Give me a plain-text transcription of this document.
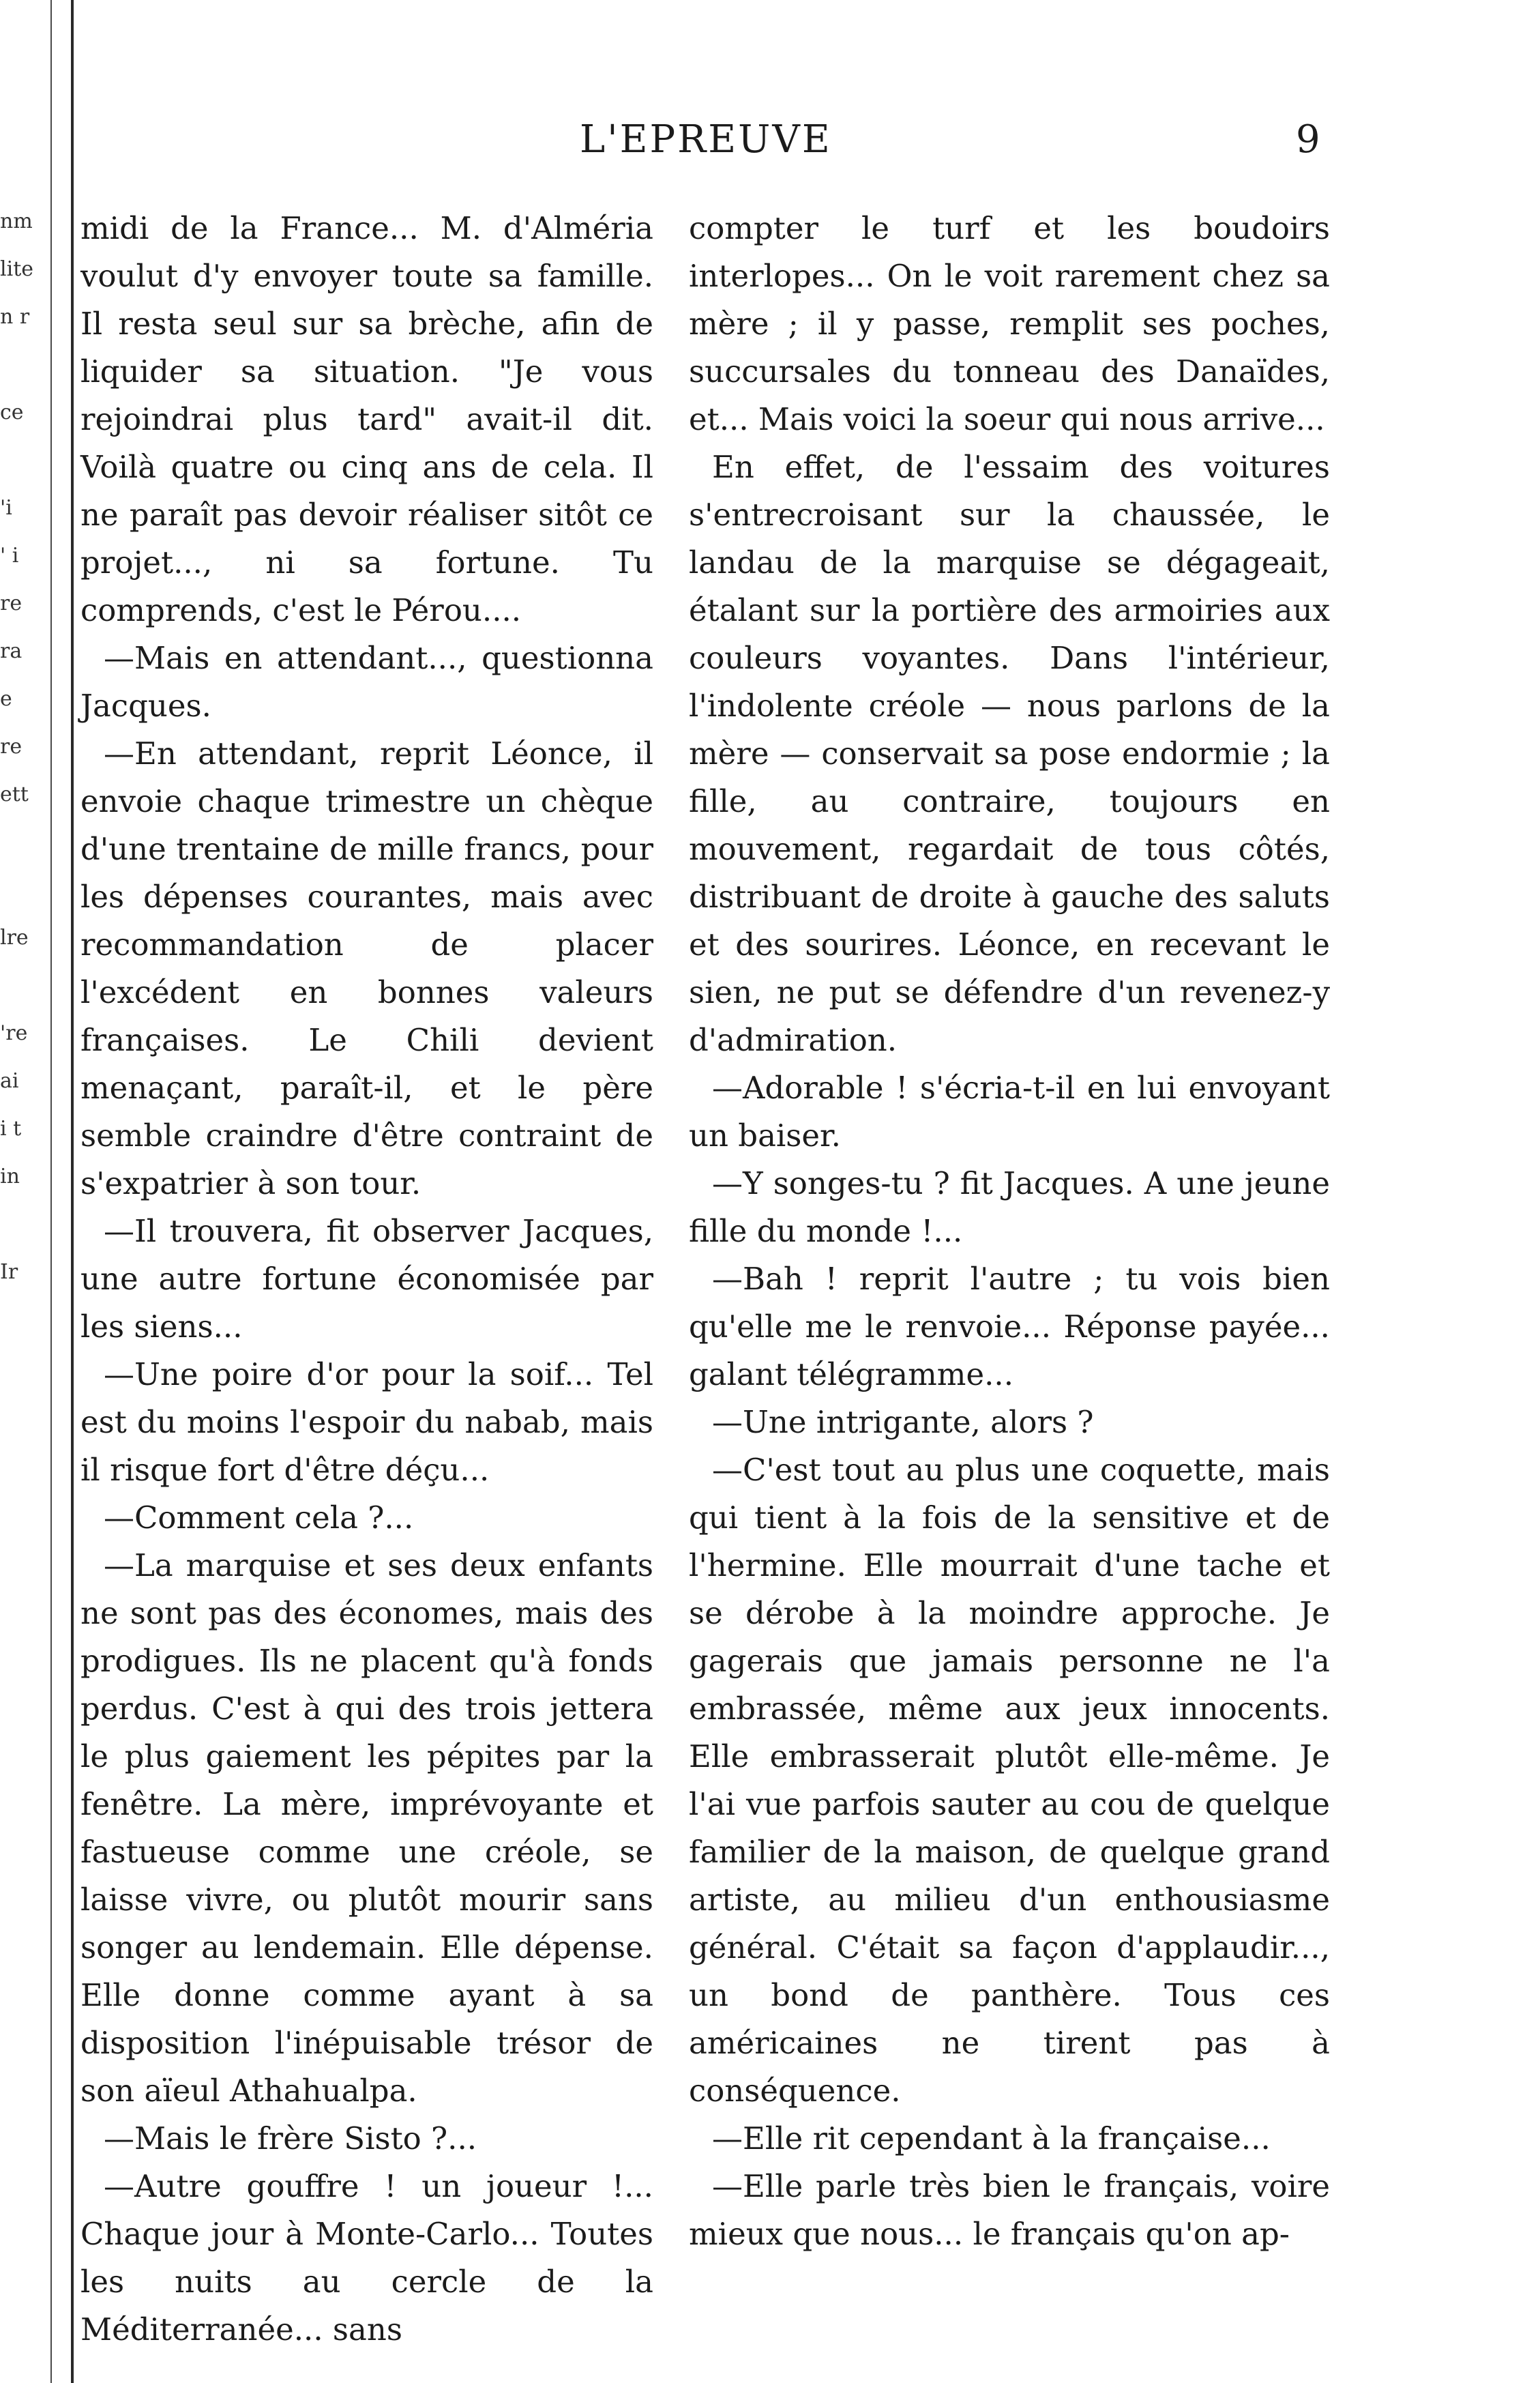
nm
lite
n r
ce
'i
' i
re
ra
e
re
ett
lre
're
ai
i t
in
Ir
L'EPREUVE	9

midi de la France... M. d'Alméria voulut d'y envoyer toute sa famille. Il resta seul sur sa brèche, afin de liquider sa situation. "Je vous rejoindrai plus tard" avait-il dit. Voilà quatre ou cinq ans de cela. Il ne paraît pas devoir réaliser sitôt ce projet..., ni sa fortune. Tu comprends, c'est le Pérou....

—Mais en attendant..., questionna Jacques.

—En attendant, reprit Léonce, il envoie chaque trimestre un chèque d'une trentaine de mille francs, pour les dépenses courantes, mais avec recommandation de placer l'excédent en bonnes valeurs françaises. Le Chili devient menaçant, paraît-il, et le père semble craindre d'être contraint de s'expatrier à son tour.

—Il trouvera, fit observer Jacques, une autre fortune économisée par les siens...

—Une poire d'or pour la soif... Tel est du moins l'espoir du nabab, mais il risque fort d'être déçu...

—Comment cela ?...

—La marquise et ses deux enfants ne sont pas des économes, mais des prodigues. Ils ne placent qu'à fonds perdus. C'est à qui des trois jettera le plus gaiement les pépites par la fenêtre. La mère, imprévoyante et fastueuse comme une créole, se laisse vivre, ou plutôt mourir sans songer au lendemain. Elle dépense. Elle donne comme ayant à sa disposition l'inépuisable trésor de son aïeul Athahualpa.

—Mais le frère Sisto ?...

—Autre gouffre ! un joueur !... Chaque jour à Monte-Carlo... Toutes les nuits au cercle de la Méditerranée... sans

compter le turf et les boudoirs interlopes... On le voit rarement chez sa mère ; il y passe, remplit ses poches, succursales du tonneau des Danaïdes, et... Mais voici la soeur qui nous arrive...

En effet, de l'essaim des voitures s'entrecroisant sur la chaussée, le landau de la marquise se dégageait, étalant sur la portière des armoiries aux couleurs voyantes. Dans l'intérieur, l'indolente créole — nous parlons de la mère — conservait sa pose endormie ; la fille, au contraire, toujours en mouvement, regardait de tous côtés, distribuant de droite à gauche des saluts et des sourires. Léonce, en recevant le sien, ne put se défendre d'un revenez-y d'admiration.

—Adorable ! s'écria-t-il en lui envoyant un baiser.

—Y songes-tu ? fit Jacques. A une jeune fille du monde !...

—Bah ! reprit l'autre ; tu vois bien qu'elle me le renvoie... Réponse payée... galant télégramme...

—Une intrigante, alors ?

—C'est tout au plus une coquette, mais qui tient à la fois de la sensitive et de l'hermine. Elle mourrait d'une tache et se dérobe à la moindre approche. Je gagerais que jamais personne ne l'a embrassée, même aux jeux innocents. Elle embrasserait plutôt elle-même. Je l'ai vue parfois sauter au cou de quelque familier de la maison, de quelque grand artiste, au milieu d'un enthousiasme général. C'était sa façon d'applaudir..., un bond de panthère. Tous ces américaines ne tirent pas à conséquence.

—Elle rit cependant à la française...

—Elle parle très bien le français, voire mieux que nous... le français qu'on ap-
